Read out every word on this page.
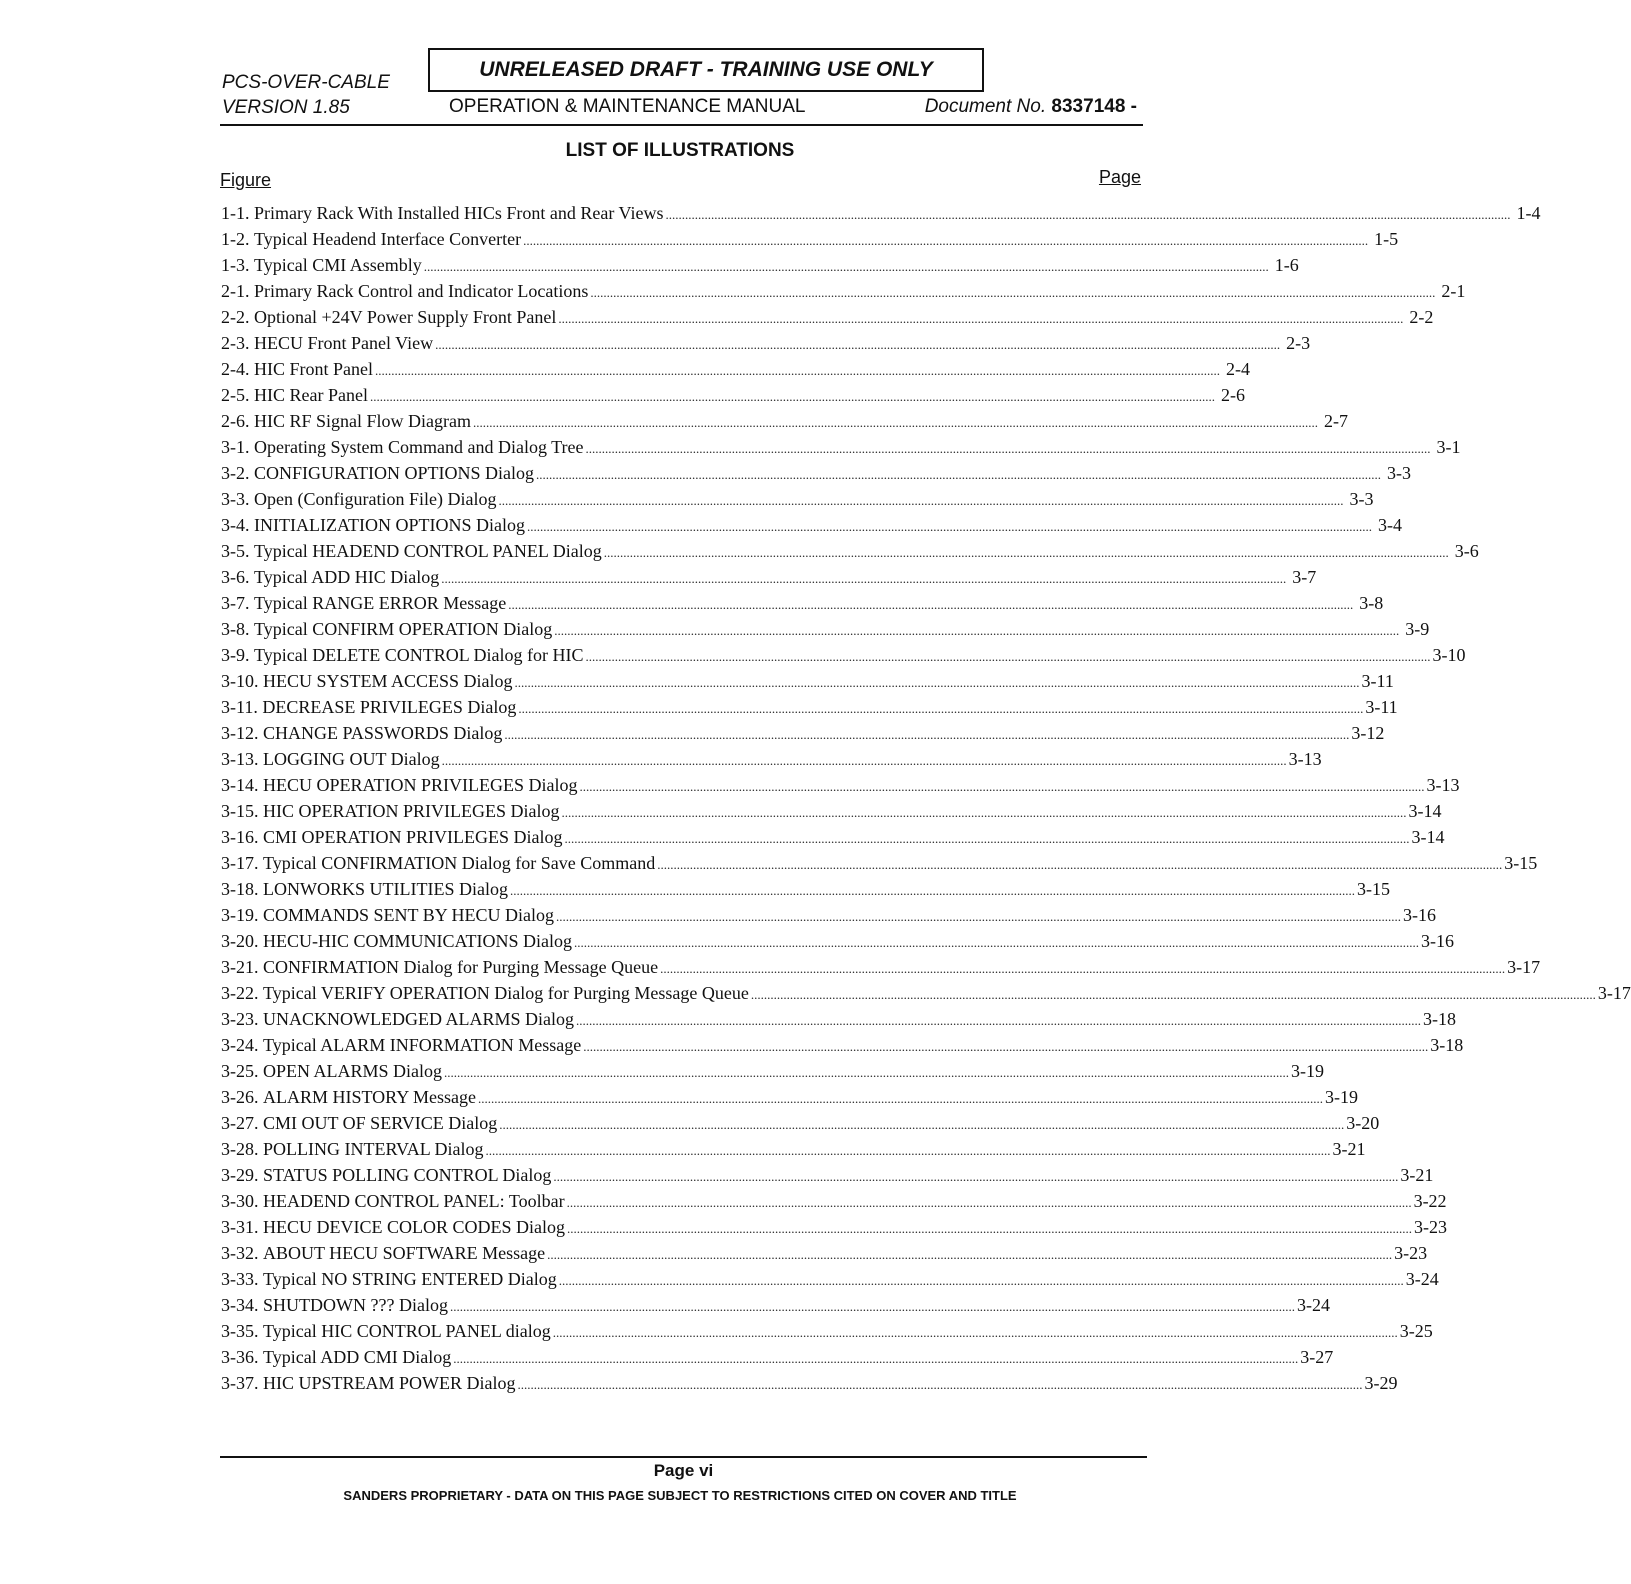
PCS-OVER-CABLE
VERSION 1.85
UNRELEASED DRAFT - TRAINING USE ONLY
OPERATION & MAINTENANCE MANUAL	Document No. 8337148 -
LIST OF ILLUSTRATIONS
Figure	Page
1-1.
Primary Rack With Installed HICs Front and Rear Views .................................................................................................................................................................................................................................................................... 1-4
1-2.
Typical Headend Interface Converter .................................................................................................................................................................................................................................................................... 1-5
1-3.
Typical CMI Assembly .................................................................................................................................................................................................................................................................... 1-6
2-1.
Primary Rack Control and Indicator Locations .................................................................................................................................................................................................................................................................... 2-1
2-2.
Optional +24V Power Supply Front Panel .................................................................................................................................................................................................................................................................... 2-2
2-3.
HECU Front Panel View .................................................................................................................................................................................................................................................................... 2-3
2-4.
HIC Front Panel .................................................................................................................................................................................................................................................................... 2-4
2-5.
HIC Rear Panel .................................................................................................................................................................................................................................................................... 2-6
2-6.
HIC RF Signal Flow Diagram .................................................................................................................................................................................................................................................................... 2-7
3-1.
Operating System Command and Dialog Tree .................................................................................................................................................................................................................................................................... 3-1
3-2.
CONFIGURATION OPTIONS Dialog .................................................................................................................................................................................................................................................................... 3-3
3-3.
Open (Configuration File) Dialog .................................................................................................................................................................................................................................................................... 3-3
3-4.
INITIALIZATION OPTIONS Dialog .................................................................................................................................................................................................................................................................... 3-4
3-5.
Typical HEADEND CONTROL PANEL Dialog .................................................................................................................................................................................................................................................................... 3-6
3-6.
Typical ADD HIC Dialog .................................................................................................................................................................................................................................................................... 3-7
3-7.
Typical RANGE ERROR Message .................................................................................................................................................................................................................................................................... 3-8
3-8.
Typical CONFIRM OPERATION Dialog .................................................................................................................................................................................................................................................................... 3-9
3-9.
Typical DELETE CONTROL Dialog for HIC .................................................................................................................................................................................................................................................................... 3-10
3-10.
HECU SYSTEM ACCESS Dialog .................................................................................................................................................................................................................................................................... 3-11
3-11.
DECREASE PRIVILEGES Dialog .................................................................................................................................................................................................................................................................... 3-11
3-12.
CHANGE PASSWORDS Dialog .................................................................................................................................................................................................................................................................... 3-12
3-13.
LOGGING OUT Dialog .................................................................................................................................................................................................................................................................... 3-13
3-14.
HECU OPERATION PRIVILEGES Dialog .................................................................................................................................................................................................................................................................... 3-13
3-15.
HIC OPERATION PRIVILEGES Dialog .................................................................................................................................................................................................................................................................... 3-14
3-16.
CMI OPERATION PRIVILEGES Dialog .................................................................................................................................................................................................................................................................... 3-14
3-17.
Typical CONFIRMATION Dialog for Save Command .................................................................................................................................................................................................................................................................... 3-15
3-18.
LONWORKS UTILITIES Dialog .................................................................................................................................................................................................................................................................... 3-15
3-19.
COMMANDS SENT BY HECU Dialog .................................................................................................................................................................................................................................................................... 3-16
3-20.
HECU-HIC COMMUNICATIONS Dialog .................................................................................................................................................................................................................................................................... 3-16
3-21.
CONFIRMATION Dialog for Purging Message Queue .................................................................................................................................................................................................................................................................... 3-17
3-22.
Typical VERIFY OPERATION Dialog for Purging Message Queue .................................................................................................................................................................................................................................................................... 3-17
3-23.
UNACKNOWLEDGED ALARMS Dialog .................................................................................................................................................................................................................................................................... 3-18
3-24.
Typical ALARM INFORMATION Message .................................................................................................................................................................................................................................................................... 3-18
3-25.
OPEN ALARMS Dialog .................................................................................................................................................................................................................................................................... 3-19
3-26.
ALARM HISTORY Message .................................................................................................................................................................................................................................................................... 3-19
3-27.
CMI OUT OF SERVICE Dialog .................................................................................................................................................................................................................................................................... 3-20
3-28.
POLLING INTERVAL Dialog .................................................................................................................................................................................................................................................................... 3-21
3-29.
STATUS POLLING CONTROL Dialog .................................................................................................................................................................................................................................................................... 3-21
3-30.
HEADEND CONTROL PANEL: Toolbar .................................................................................................................................................................................................................................................................... 3-22
3-31.
HECU DEVICE COLOR CODES Dialog .................................................................................................................................................................................................................................................................... 3-23
3-32.
ABOUT HECU SOFTWARE Message .................................................................................................................................................................................................................................................................... 3-23
3-33.
Typical NO STRING ENTERED Dialog .................................................................................................................................................................................................................................................................... 3-24
3-34.
SHUTDOWN ??? Dialog .................................................................................................................................................................................................................................................................... 3-24
3-35.
Typical HIC CONTROL PANEL dialog .................................................................................................................................................................................................................................................................... 3-25
3-36.
Typical ADD CMI Dialog .................................................................................................................................................................................................................................................................... 3-27
3-37.
HIC UPSTREAM POWER Dialog .................................................................................................................................................................................................................................................................... 3-29
Page vi
SANDERS PROPRIETARY - DATA ON THIS PAGE SUBJECT TO RESTRICTIONS CITED ON COVER AND TITLE
